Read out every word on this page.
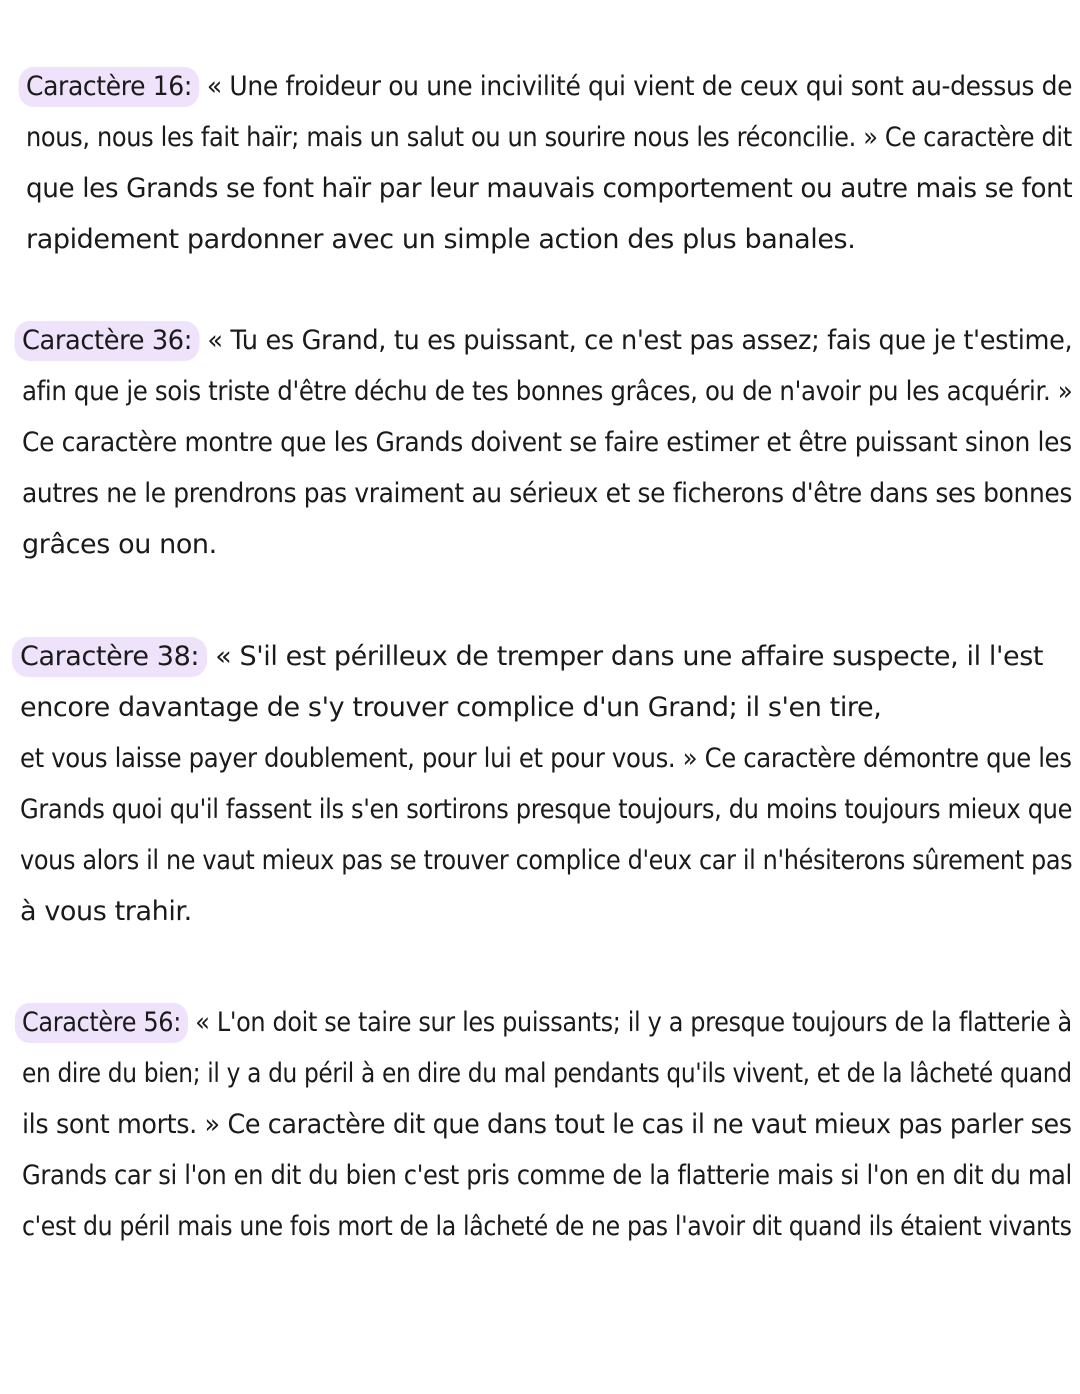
Caractère 16: « Une froideur ou une incivilité qui vient de ceux qui sont au-dessus de
nous, nous les fait haïr; mais un salut ou un sourire nous les réconcilie. » Ce caractère dit
que les Grands se font haïr par leur mauvais comportement ou autre mais se font
rapidement pardonner avec un simple action des plus banales.
Caractère 36: « Tu es Grand, tu es puissant, ce n'est pas assez; fais que je t'estime,
afin que je sois triste d'être déchu de tes bonnes grâces, ou de n'avoir pu les acquérir. »
Ce caractère montre que les Grands doivent se faire estimer et être puissant sinon les
autres ne le prendrons pas vraiment au sérieux et se ficherons d'être dans ses bonnes
grâces ou non.
Caractère 38: « S'il est périlleux de tremper dans une affaire suspecte, il l'est
encore davantage de s'y trouver complice d'un Grand; il s'en tire,
et vous laisse payer doublement, pour lui et pour vous. » Ce caractère démontre que les
Grands quoi qu'il fassent ils s'en sortirons presque toujours, du moins toujours mieux que
vous alors il ne vaut mieux pas se trouver complice d'eux car il n'hésiterons sûrement pas
à vous trahir.
Caractère 56: « L'on doit se taire sur les puissants; il y a presque toujours de la flatterie à
en dire du bien; il y a du péril à en dire du mal pendants qu'ils vivent, et de la lâcheté quand
ils sont morts. » Ce caractère dit que dans tout le cas il ne vaut mieux pas parler ses
Grands car si l'on en dit du bien c'est pris comme de la flatterie mais si l'on en dit du mal
c'est du péril mais une fois mort de la lâcheté de ne pas l'avoir dit quand ils étaient vivants
